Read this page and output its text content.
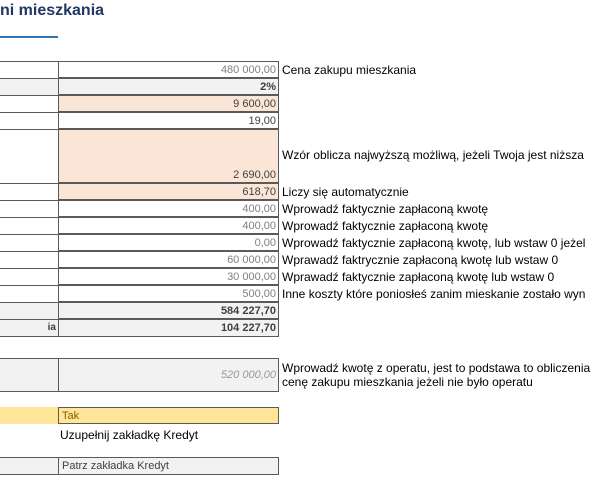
ni mieszkania
480 000,00 Cena zakupu mieszkania
2%
9 600,00
19,00
2 690,00
Wzór oblicza najwyższą możliwą, jeżeli Twoja jest niższa
618,70 Liczy się automatycznie
400,00 Wprowadź faktycznie zapłaconą kwotę
400,00 Wprowadź faktycznie zapłaconą kwotę
0,00 Wprowadź faktycznie zapłaconą kwotę, lub wstaw 0 jeżel
60 000,00 Wprawadź faktrycznie zapłaconą kwotę lub wstaw 0
30 000,00 Wprawadź faktycznie zapłaconą kwotę lub wstaw 0
500,00 Inne koszty które poniosłeś zanim mieskanie zostało wyn
584 227,70
ia	104 227,70
520 000,00 Wprowadź kwotę z operatu, jest to podstawa to obliczenia
cenę zakupu mieszkania jeżeli nie było operatu
Tak
Uzupełnij zakładkę Kredyt
Patrz zakładka Kredyt
